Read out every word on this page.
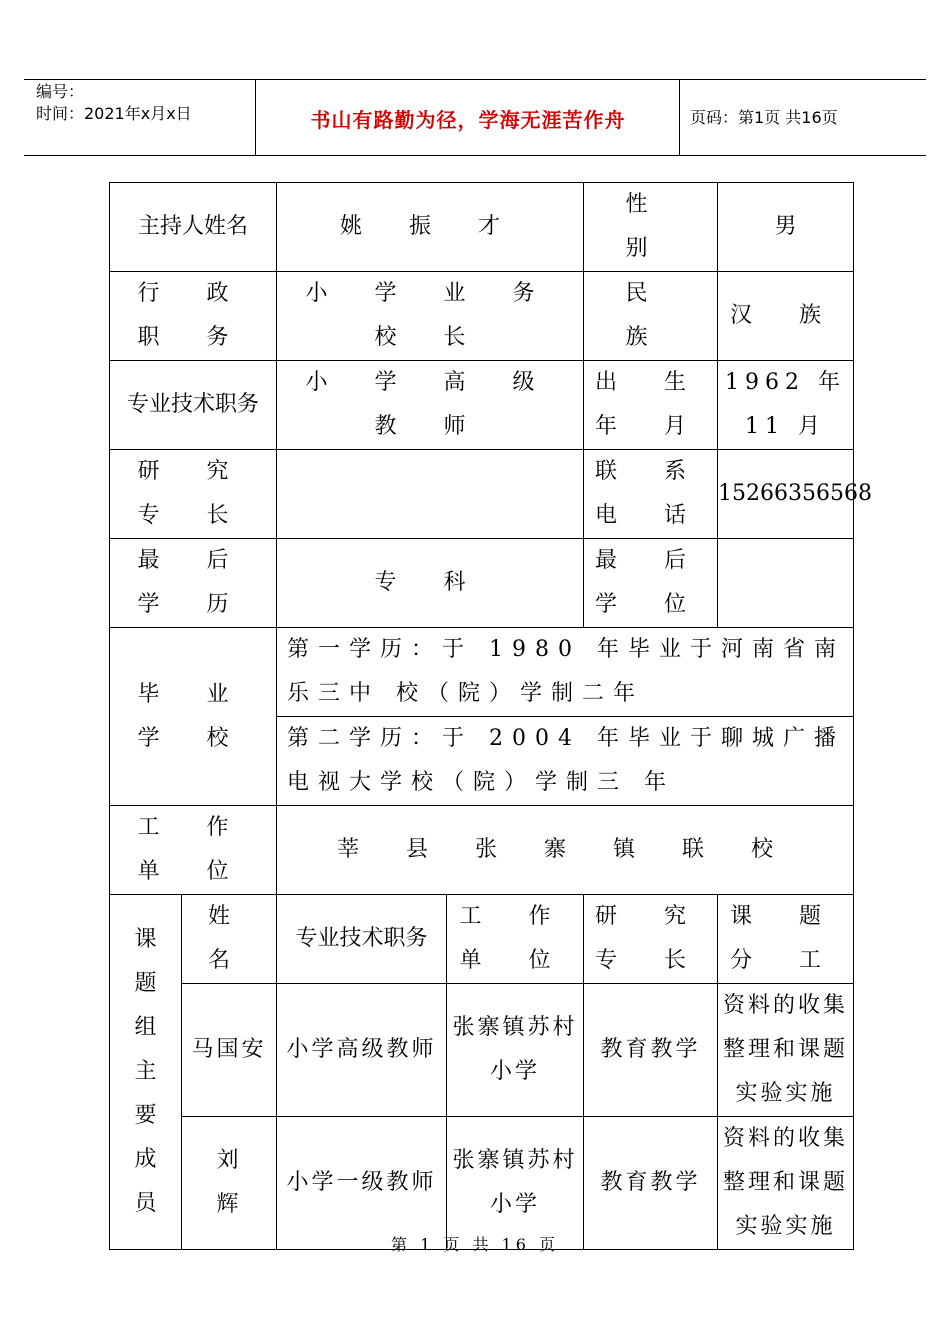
编号：
时间：2021年x月x日	书山有路勤为径，学海无涯苦作舟	页码：第1页 共16页
主持人姓名		姚 振 才		性 别	男
行 政 职 务		小 学 业 务 校 长		民 族	汉 族
专业技术职务		小 学 高 级 教 师		出 生 年 月	1962 年 11 月
研 究 专 长				联 系 电 话	15266356568
最 后 学 历		专 科		最 后 学 位	
毕 业 学 校		第一学历：于 1980 年毕业于河南省南乐三中 校（院）学制二年			
		第二学历：于 2004 年毕业于聊城广播电视大学校（院）学制三 年			
工 作 单 位		莘 县 张 寨 镇 联 校			
课题组主要成员	姓 名	专业技术职务	工 作 单 位	研 究 专 长	课 题 分 工
	马国安	小学高级教师	张寨镇苏村小学	教育教学	资料的收集整理和课题实验实施
	刘 辉	小学一级教师	张寨镇苏村小学	教育教学	资料的收集整理和课题实验实施
第 1 页 共 16 页
